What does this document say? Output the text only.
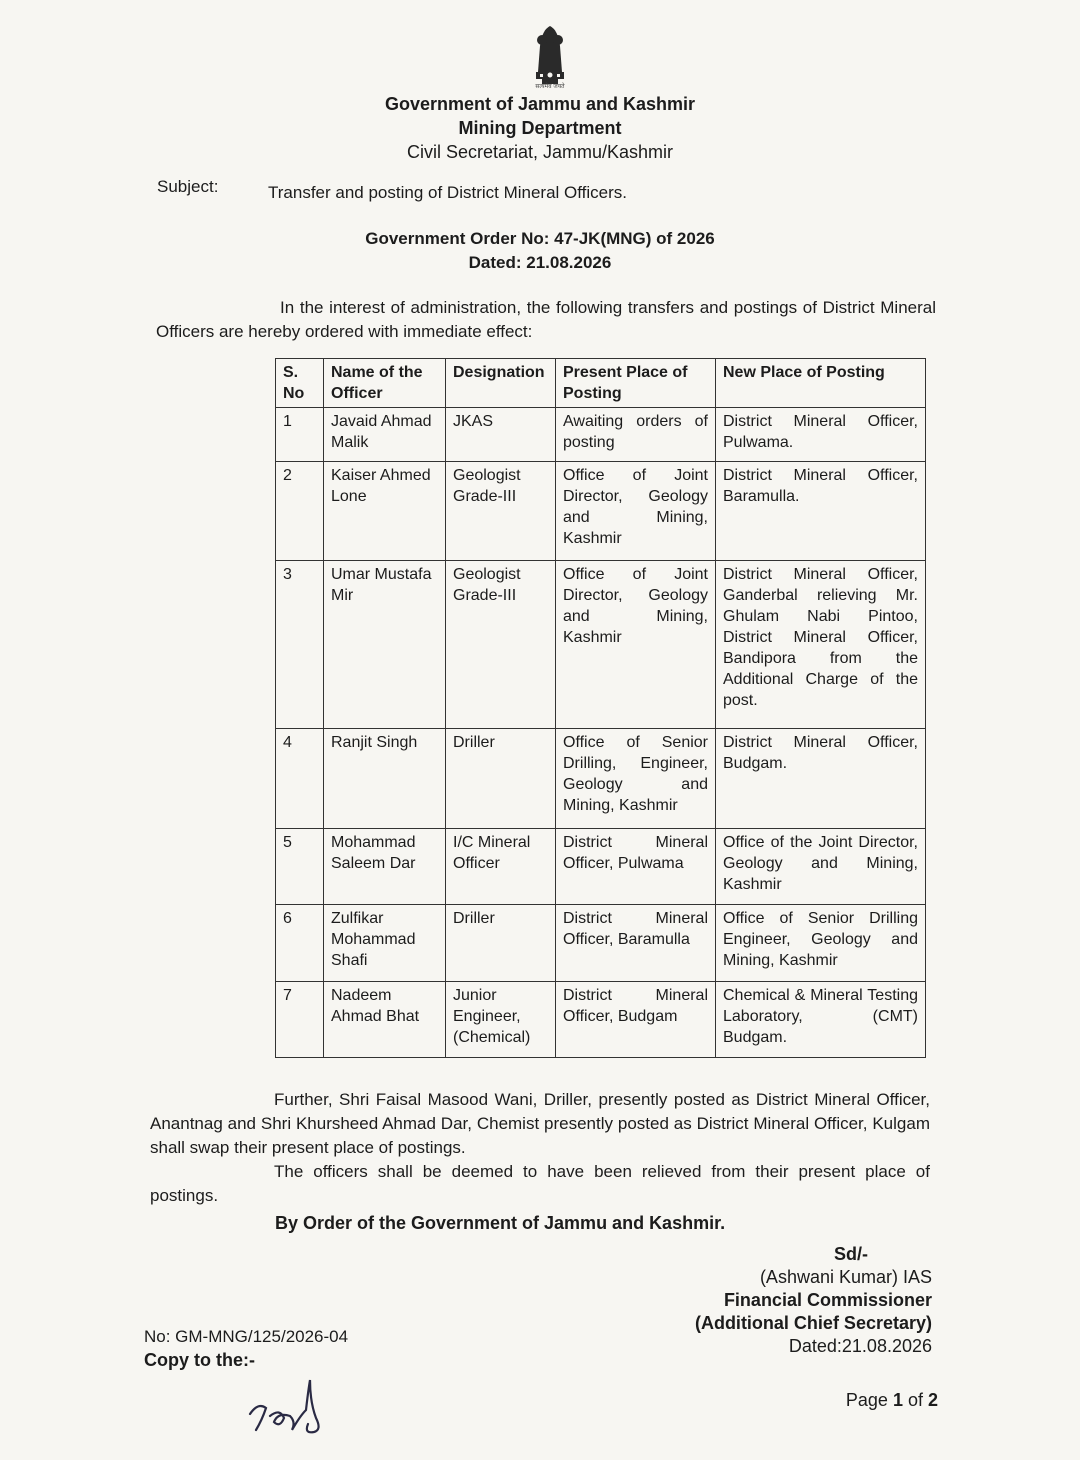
सत्यमेव जयते
Government of Jammu and Kashmir
Mining Department
Civil Secretariat, Jammu/Kashmir
Subject:	Transfer and posting of District Mineral Officers.
Government Order No: 47-JK(MNG) of 2026
Dated: 21.08.2026
In the interest of administration, the following transfers and postings of District Mineral Officers are hereby ordered with immediate effect:
S. No	Name of the Officer	Designation	Present Place of Posting	New Place of Posting
1	Javaid Ahmad Malik	JKAS	Awaiting orders of posting	District Mineral Officer, Pulwama.
2	Kaiser Ahmed Lone	Geologist Grade-III	Office of Joint Director, Geology and Mining, Kashmir	District Mineral Officer, Baramulla.
3	Umar Mustafa Mir	Geologist Grade-III	Office of Joint Director, Geology and Mining, Kashmir	District Mineral Officer, Ganderbal relieving Mr. Ghulam Nabi Pintoo, District Mineral Officer, Bandipora from the Additional Charge of the post.
4	Ranjit Singh	Driller	Office of Senior Drilling, Engineer, Geology and Mining, Kashmir	District Mineral Officer, Budgam.
5	Mohammad Saleem Dar	I/C Mineral Officer	District Mineral Officer, Pulwama	Office of the Joint Director, Geology and Mining, Kashmir
6	Zulfikar Mohammad Shafi	Driller	District Mineral Officer, Baramulla	Office of Senior Drilling Engineer, Geology and Mining, Kashmir
7	Nadeem Ahmad Bhat	Junior Engineer, (Chemical)	District Mineral Officer, Budgam	Chemical & Mineral Testing Laboratory, (CMT) Budgam.
Further, Shri Faisal Masood Wani, Driller, presently posted as District Mineral Officer, Anantnag and Shri Khursheed Ahmad Dar, Chemist presently posted as District Mineral Officer, Kulgam shall swap their present place of postings.
The officers shall be deemed to have been relieved from their present place of postings.
By Order of the Government of Jammu and Kashmir.
Sd/-
(Ashwani Kumar) IAS
Financial Commissioner
(Additional Chief Secretary)
Dated:21.08.2026
No: GM-MNG/125/2026-04
Copy to the:-
Page 1 of 2
